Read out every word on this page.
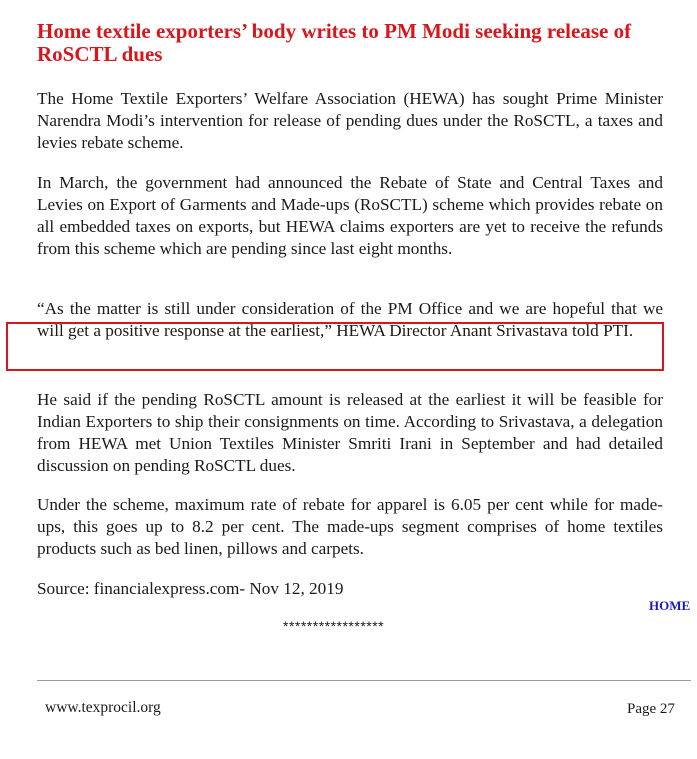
Home textile exporters’ body writes to PM Modi seeking release of RoSCTL dues

The Home Textile Exporters’ Welfare Association (HEWA) has sought Prime Minister Narendra Modi’s intervention for release of pending dues under the RoSCTL, a taxes and levies rebate scheme.

In March, the government had announced the Rebate of State and Central Taxes and Levies on Export of Garments and Made-ups (RoSCTL) scheme which provides rebate on all embedded taxes on exports, but HEWA claims exporters are yet to receive the refunds from this scheme which are pending since last eight months.

“As the matter is still under consideration of the PM Office and we are hopeful that we will get a positive response at the earliest,” HEWA Director Anant Srivastava told PTI.

He said if the pending RoSCTL amount is released at the earliest it will be feasible for Indian Exporters to ship their consignments on time. According to Srivastava, a delegation from HEWA met Union Textiles Minister Smriti Irani in September and had detailed discussion on pending RoSCTL dues.

Under the scheme, maximum rate of rebate for apparel is 6.05 per cent while for made-ups, this goes up to 8.2 per cent. The made-ups segment comprises of home textiles products such as bed linen, pillows and carpets.

Source: financialexpress.com- Nov 12, 2019

HOME
*****************
www.texprocil.org	Page 27
